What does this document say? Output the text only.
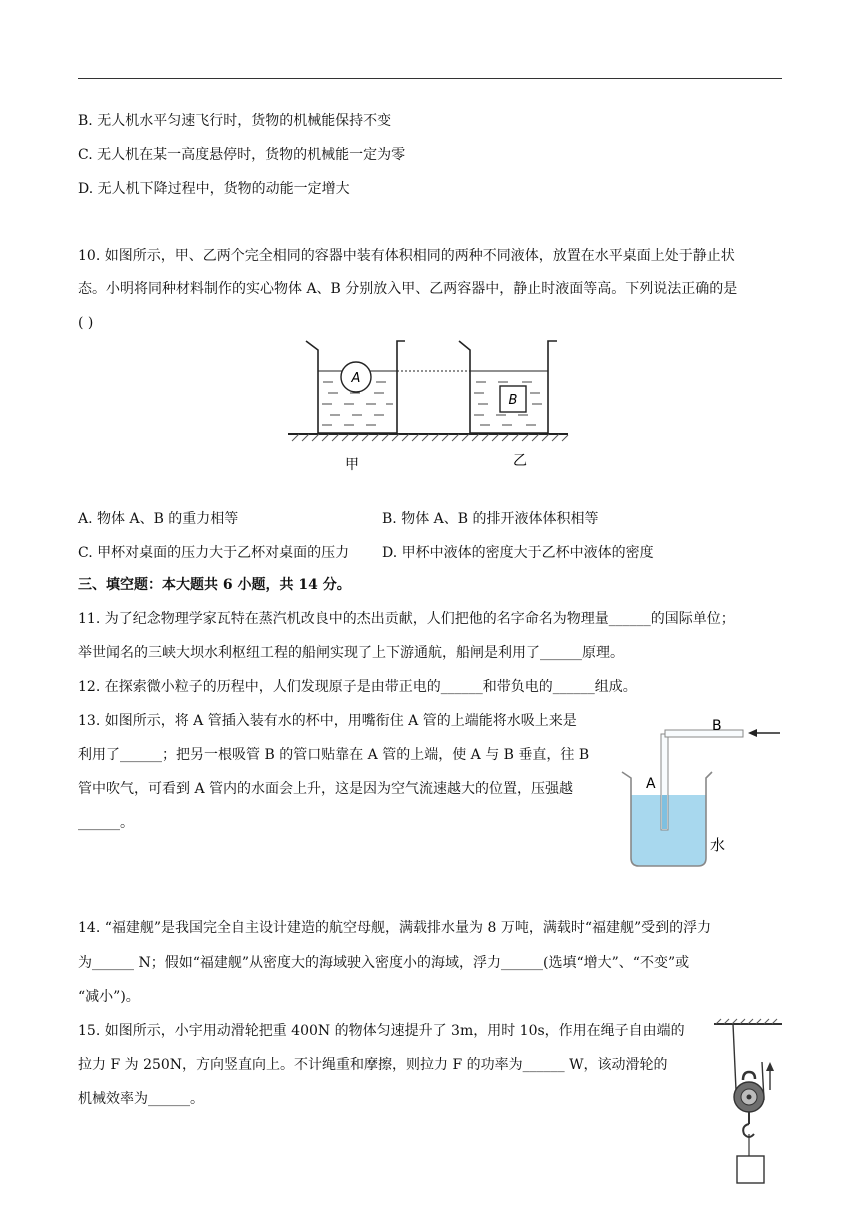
B. 无人机水平匀速飞行时，货物的机械能保持不变
C. 无人机在某一高度悬停时，货物的机械能一定为零
D. 无人机下降过程中，货物的动能一定增大
10. 如图所示，甲、乙两个完全相同的容器中装有体积相同的两种不同液体，放置在水平桌面上处于静止状
态。小明将同种材料制作的实心物体 A、B 分别放入甲、乙两容器中，静止时液面等高。下列说法正确的是
( )
A
B
甲	乙
A. 物体 A、B 的重力相等	B. 物体 A、B 的排开液体体积相等
C. 甲杯对桌面的压力大于乙杯对桌面的压力 D. 甲杯中液体的密度大于乙杯中液体的密度
三、填空题：本大题共 6 小题，共 14 分。
11. 为了纪念物理学家瓦特在蒸汽机改良中的杰出贡献，人们把他的名字命名为物理量______的国际单位；
举世闻名的三峡大坝水利枢纽工程的船闸实现了上下游通航，船闸是利用了______原理。
12. 在探索微小粒子的历程中，人们发现原子是由带正电的______和带负电的______组成。
13. 如图所示，将 A 管插入装有水的杯中，用嘴衔住 A 管的上端能将水吸上来是
利用了______；把另一根吸管 B 的管口贴靠在 A 管的上端，使 A 与 B 垂直，往 B
管中吹气，可看到 A 管内的水面会上升，这是因为空气流速越大的位置，压强越
______。
B
A
水
14. “福建舰”是我国完全自主设计建造的航空母舰，满载排水量为 8 万吨，满载时“福建舰”受到的浮力
为______ N；假如“福建舰”从密度大的海域驶入密度小的海域，浮力______(选填“增大”、“不变”或
“减小”)。
15. 如图所示，小宇用动滑轮把重 400N 的物体匀速提升了 3m，用时 10s，作用在绳子自由端的
拉力 F 为 250N，方向竖直向上。不计绳重和摩擦，则拉力 F 的功率为______ W，该动滑轮的
机械效率为______。
